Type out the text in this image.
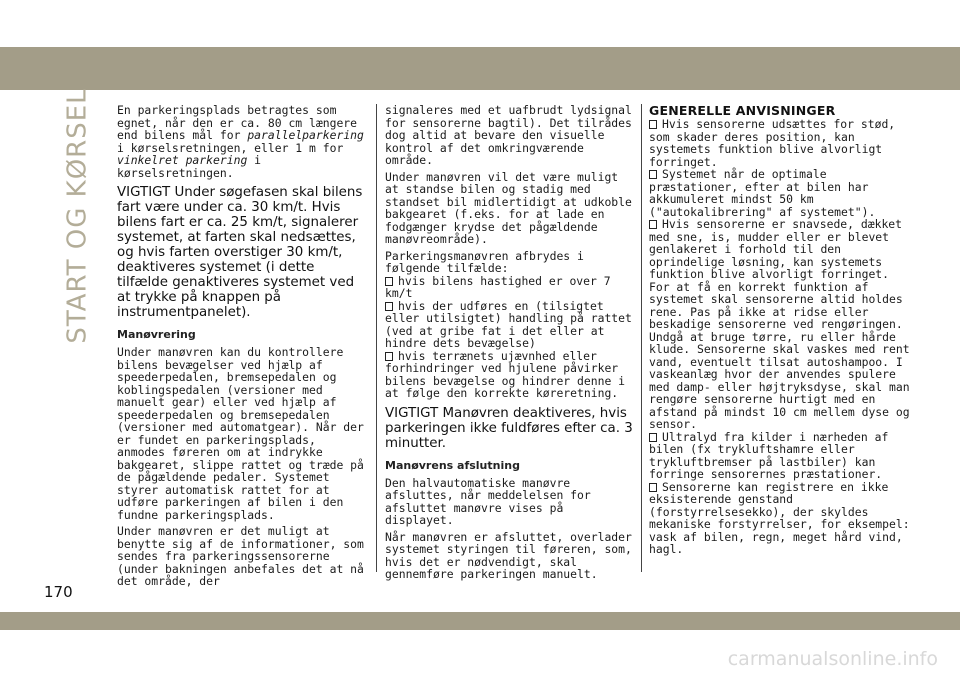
START OG KØRSEL En parkeringsplads betragtes som egnet, når den er ca. 80 cm længere end bilens mål for parallelparkering i kørselsretningen, eller 1 m for vinkelret parkering i kørselsretningen.

VIGTIGT Under søgefasen skal bilens fart være under ca. 30 km/t. Hvis bilens fart er ca. 25 km/t, signalerer systemet, at farten skal nedsættes, og hvis farten overstiger 30 km/t, deaktiveres systemet (i dette tilfælde genaktiveres systemet ved at trykke på knappen på instrumentpanelet).

Manøvrering

Under manøvren kan du kontrollere bilens bevægelser ved hjælp af speederpedalen, bremsepedalen og koblingspedalen (versioner med manuelt gear) eller ved hjælp af speederpedalen og bremsepedalen (versioner med automatgear). Når der er fundet en parkeringsplads, anmodes føreren om at indrykke bakgearet, slippe rattet og træde på de pågældende pedaler. Systemet styrer automatisk rattet for at udføre parkeringen af bilen i den fundne parkeringsplads.

Under manøvren er det muligt at benytte sig af de informationer, som sendes fra parkeringssensorerne (under bakningen anbefales det at nå det område, der

signaleres med et uafbrudt lydsignal for sensorerne bagtil). Det tilrådes dog altid at bevare den visuelle kontrol af det omkringværende område.

Under manøvren vil det være muligt at standse bilen og stadig med standset bil midlertidigt at udkoble bakgearet (f.eks. for at lade en fodgænger krydse det pågældende manøvreområde).

Parkeringsmanøvren afbrydes i følgende tilfælde:

hvis bilens hastighed er over 7 km/t
hvis der udføres en (tilsigtet eller utilsigtet) handling på rattet (ved at gribe fat i det eller at hindre dets bevægelse)
hvis terrænets ujævnhed eller forhindringer ved hjulene påvirker bilens bevægelse og hindrer denne i at følge den korrekte køreretning.

VIGTIGT Manøvren deaktiveres, hvis parkeringen ikke fuldføres efter ca. 3 minutter.

Manøvrens afslutning

Den halvautomatiske manøvre afsluttes, når meddelelsen for afsluttet manøvre vises på displayet.

Når manøvren er afsluttet, overlader systemet styringen til føreren, som, hvis det er nødvendigt, skal gennemføre parkeringen manuelt.

GENERELLE ANVISNINGER
Hvis sensorerne udsættes for stød, som skader deres position, kan systemets funktion blive alvorligt forringet.
Systemet når de optimale præstationer, efter at bilen har akkumuleret mindst 50 km ("autokalibrering" af systemet").
Hvis sensorerne er snavsede, dækket med sne, is, mudder eller er blevet genlakeret i forhold til den oprindelige løsning, kan systemets funktion blive alvorligt forringet. For at få en korrekt funktion af systemet skal sensorerne altid holdes rene. Pas på ikke at ridse eller beskadige sensorerne ved rengøringen. Undgå at bruge tørre, ru eller hårde klude. Sensorerne skal vaskes med rent vand, eventuelt tilsat autoshampoo. I vaskeanlæg hvor der anvendes spulere med damp- eller højtryksdyse, skal man rengøre sensorerne hurtigt med en afstand på mindst 10 cm mellem dyse og sensor.
Ultralyd fra kilder i nærheden af bilen (fx trykluftshamre eller trykluftbremser på lastbiler) kan forringe sensorernes præstationer.
Sensorerne kan registrere en ikke eksisterende genstand (forstyrrelsesekko), der skyldes mekaniske forstyrrelser, for eksempel: vask af bilen, regn, meget hård vind, hagl.
170
carmanualsonline.info
